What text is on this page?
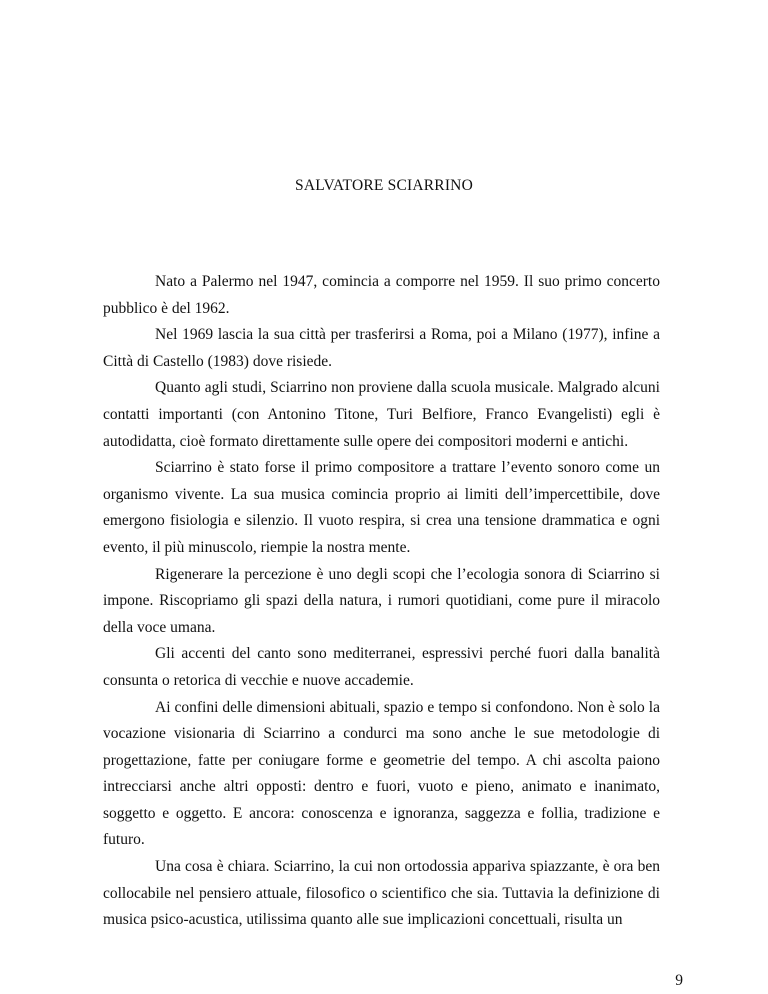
SALVATORE SCIARRINO

Nato a Palermo nel 1947, comincia a comporre nel 1959. Il suo primo concerto pubblico è del 1962.

Nel 1969 lascia la sua città per trasferirsi a Roma, poi a Milano (1977), infine a Città di Castello (1983) dove risiede.

Quanto agli studi, Sciarrino non proviene dalla scuola musicale. Malgrado alcuni contatti importanti (con Antonino Titone, Turi Belfiore, Franco Evangelisti) egli è autodidatta, cioè formato direttamente sulle opere dei compositori moderni e antichi.

Sciarrino è stato forse il primo compositore a trattare l’evento sonoro come un organismo vivente. La sua musica comincia proprio ai limiti dell’impercettibile, dove emergono fisiologia e silenzio. Il vuoto respira, si crea una tensione drammatica e ogni evento, il più minuscolo, riempie la nostra mente.

Rigenerare la percezione è uno degli scopi che l’ecologia sonora di Sciarrino si impone. Riscopriamo gli spazi della natura, i rumori quotidiani, come pure il miracolo della voce umana.

Gli accenti del canto sono mediterranei, espressivi perché fuori dalla banalità consunta o retorica di vecchie e nuove accademie.

Ai confini delle dimensioni abituali, spazio e tempo si confondono. Non è solo la vocazione visionaria di Sciarrino a condurci ma sono anche le sue metodologie di progettazione, fatte per coniugare forme e geometrie del tempo. A chi ascolta paiono intrecciarsi anche altri opposti: dentro e fuori, vuoto e pieno, animato e inanimato, soggetto e oggetto. E ancora: conoscenza e ignoranza, saggezza e follia, tradizione e futuro.

Una cosa è chiara. Sciarrino, la cui non ortodossia appariva spiazzante, è ora ben collocabile nel pensiero attuale, filosofico o scientifico che sia. Tuttavia la definizione di musica psico-acustica, utilissima quanto alle sue implicazioni concettuali, risulta un

9
